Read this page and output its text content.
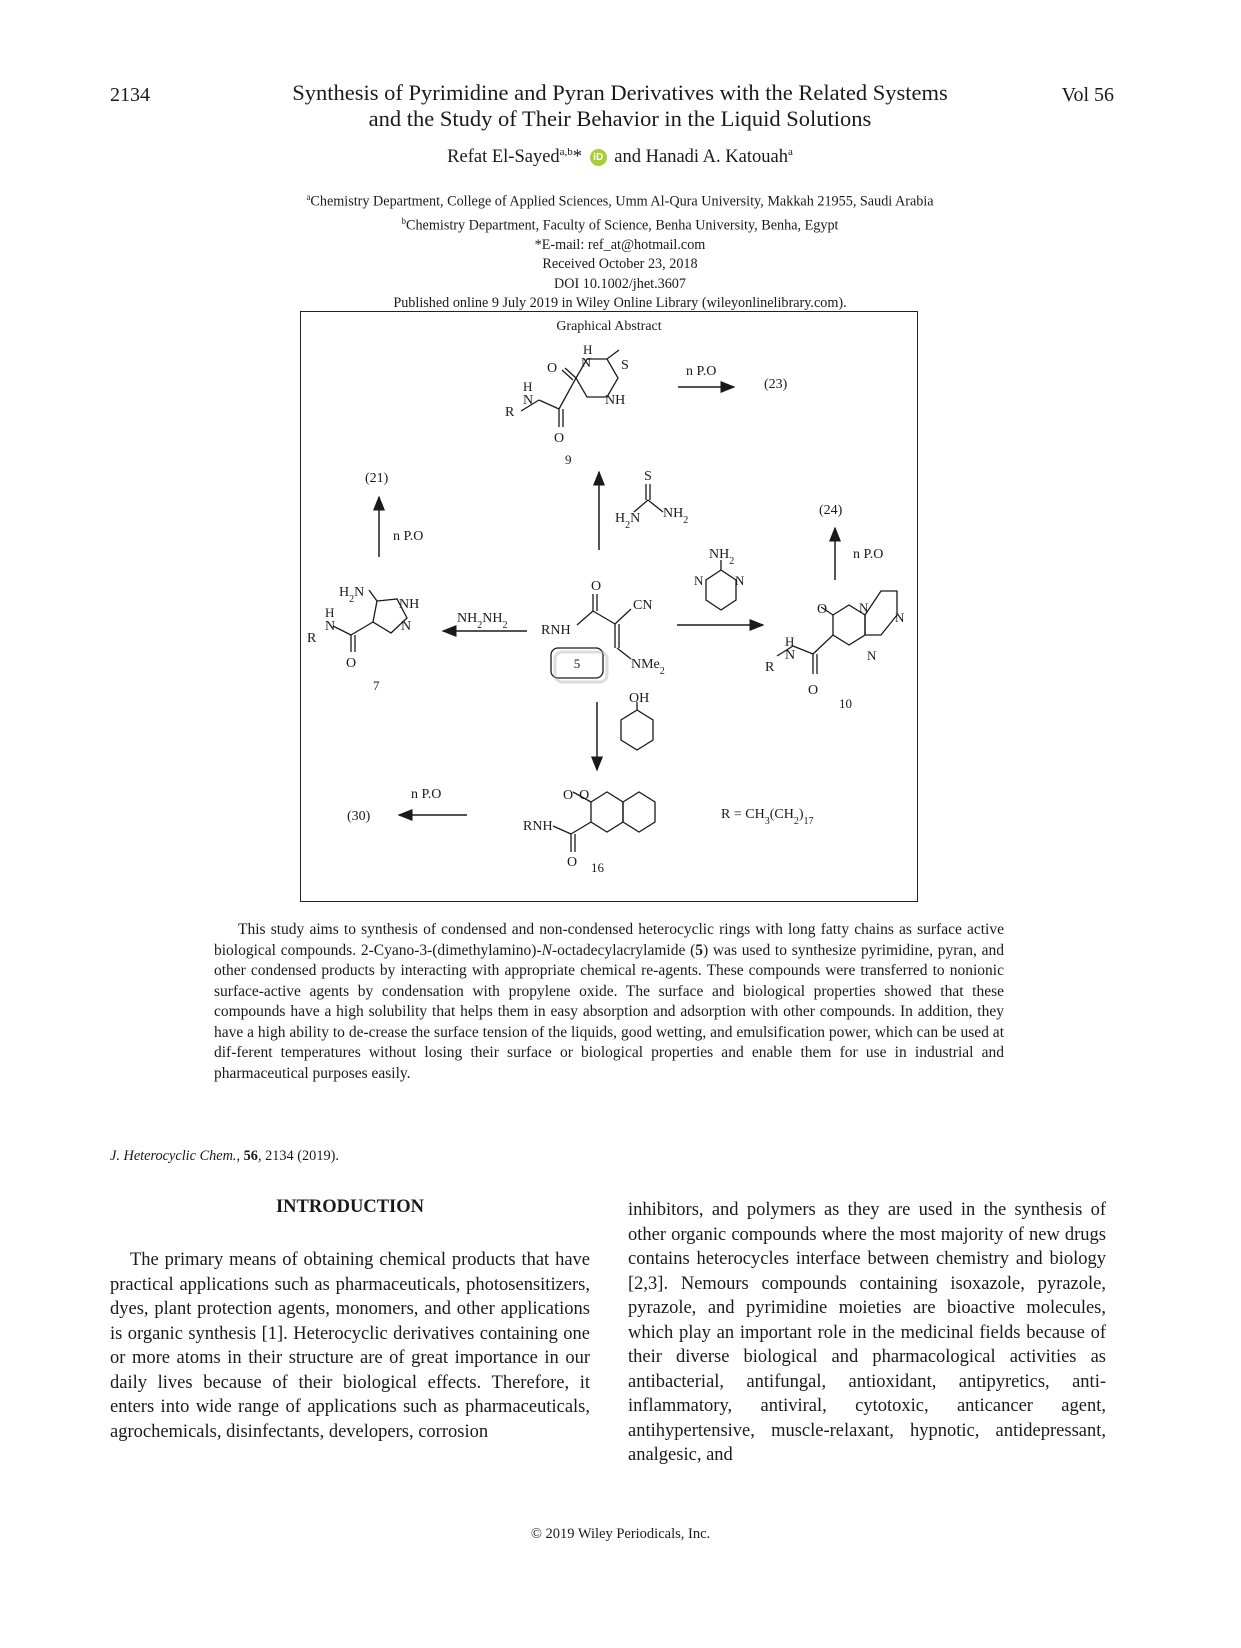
2134	Vol 56
Synthesis of Pyrimidine and Pyran Derivatives with the Related Systems
and the Study of Their Behavior in the Liquid Solutions
Refat El-Sayed$^{a,b}$* iD and Hanadi A. Katouah$^a$
$^a$Chemistry Department, College of Applied Sciences, Umm Al-Qura University, Makkah 21955, Saudi Arabia
$^b$Chemistry Department, Faculty of Science, Benha University, Benha, Egypt
*E-mail: ref_at@hotmail.com
Received October 23, 2018
DOI 10.1002/jhet.3607
Published online 9 July 2019 in Wiley Online Library (wileyonlinelibrary.com).
Graphical Abstract
RNH
O
CN
NMe$_2$
5
H
N S
O
NH
H
N
R
O
9
n P.O
(23)
S
$H_2N$ $NH_2$
$NH_2NH_2$
$H_2N$
NH
N
H
N
R
O
7
n P.O
(21)
$NH_2$
N N
O N
N
N
H
N
R
O
10
n P.O
(24)
OH
O O
RNH
O 16
n P.O
(30)	$R = CH_3(CH_2)_{17}$

This study aims to synthesis of condensed and non-condensed heterocyclic rings with long fatty chains as surface active biological compounds. 2-Cyano-3-(dimethylamino)-N-octadecylacrylamide (5) was used to synthesize pyrimidine, pyran, and other condensed products by interacting with appropriate chemical re-agents. These compounds were transferred to nonionic surface-active agents by condensation with propylene oxide. The surface and biological properties showed that these compounds have a high solubility that helps them in easy absorption and adsorption with other compounds. In addition, they have a high ability to de-crease the surface tension of the liquids, good wetting, and emulsification power, which can be used at dif-ferent temperatures without losing their surface or biological properties and enable them for use in industrial and pharmaceutical purposes easily.

J. Heterocyclic Chem., 56, 2134 (2019).
INTRODUCTION

The primary means of obtaining chemical products that have practical applications such as pharmaceuticals, photosensitizers, dyes, plant protection agents, monomers, and other applications is organic synthesis [1]. Heterocyclic derivatives containing one or more atoms in their structure are of great importance in our daily lives because of their biological effects. Therefore, it enters into wide range of applications such as pharmaceuticals, agrochemicals, disinfectants, developers, corrosion

inhibitors, and polymers as they are used in the synthesis of other organic compounds where the most majority of new drugs contains heterocycles interface between chemistry and biology [2,3]. Nemours compounds containing isoxazole, pyrazole, pyrazole, and pyrimidine moieties are bioactive molecules, which play an important role in the medicinal fields because of their diverse biological and pharmacological activities as antibacterial, antifungal, antioxidant, antipyretics, anti-inflammatory, antiviral, cytotoxic, anticancer agent, antihypertensive, muscle-relaxant, hypnotic, antidepressant, analgesic, and

© 2019 Wiley Periodicals, Inc.
